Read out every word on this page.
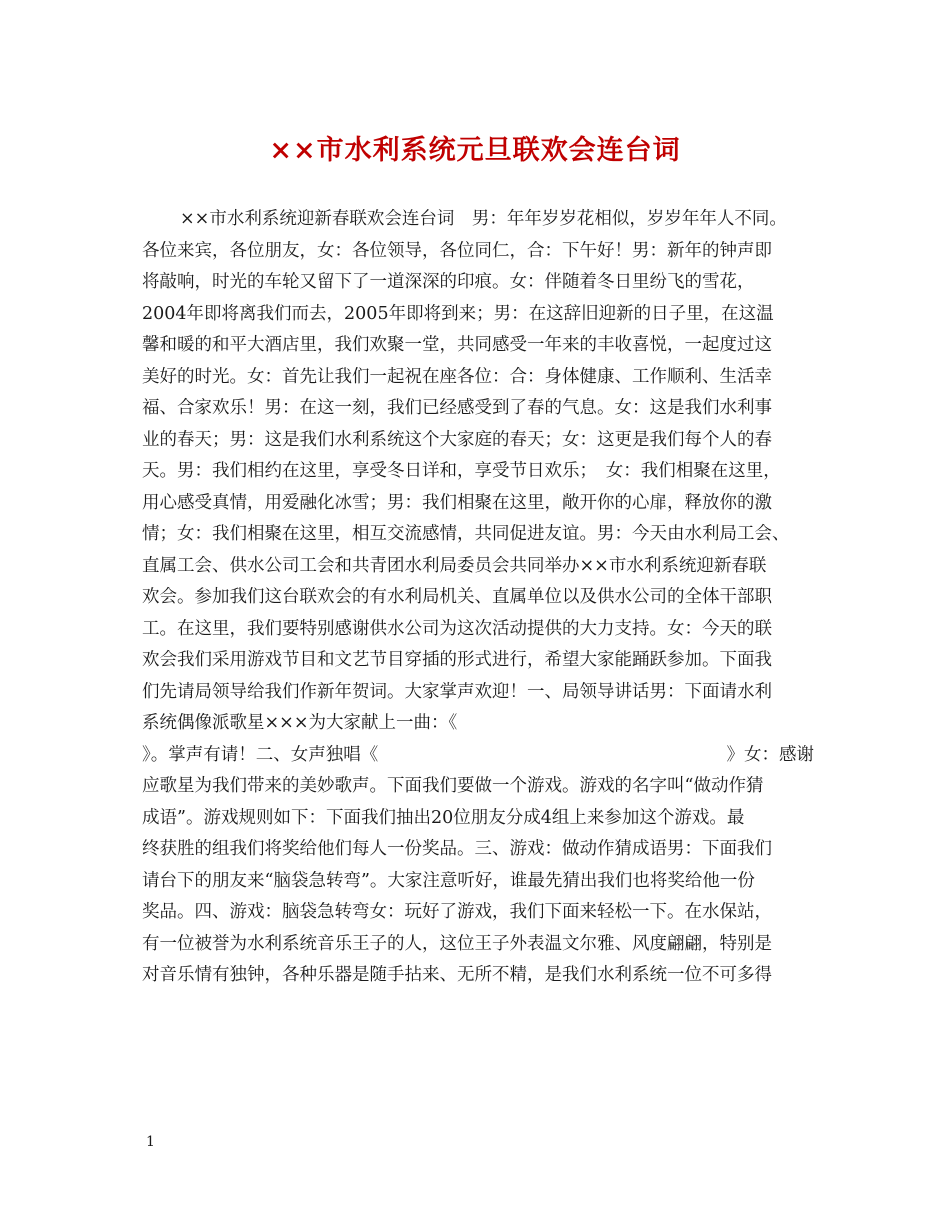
××市水利系统元旦联欢会连台词
××市水利系统迎新春联欢会连台词　男：年年岁岁花相似，岁岁年年人不同。
各位来宾，各位朋友，女：各位领导，各位同仁，合：下午好！男：新年的钟声即
将敲响，时光的车轮又留下了一道深深的印痕。女：伴随着冬日里纷飞的雪花，
2004年即将离我们而去，2005年即将到来；男：在这辞旧迎新的日子里，在这温
馨和暖的和平大酒店里，我们欢聚一堂，共同感受一年来的丰收喜悦，一起度过这
美好的时光。女：首先让我们一起祝在座各位：合：身体健康、工作顺利、生活幸
福、合家欢乐！男：在这一刻，我们已经感受到了春的气息。女：这是我们水利事
业的春天；男：这是我们水利系统这个大家庭的春天；女：这更是我们每个人的春
天。男：我们相约在这里，享受冬日详和，享受节日欢乐；　女：我们相聚在这里，
用心感受真情，用爱融化冰雪；男：我们相聚在这里，敞开你的心扉，释放你的激
情；女：我们相聚在这里，相互交流感情，共同促进友谊。男：今天由水利局工会、
直属工会、供水公司工会和共青团水利局委员会共同举办××市水利系统迎新春联
欢会。参加我们这台联欢会的有水利局机关、直属单位以及供水公司的全体干部职
工。在这里，我们要特别感谢供水公司为这次活动提供的大力支持。女：今天的联
欢会我们采用游戏节目和文艺节目穿插的形式进行，希望大家能踊跃参加。下面我
们先请局领导给我们作新年贺词。大家掌声欢迎！一、局领导讲话男：下面请水利
系统偶像派歌星×××为大家献上一曲：《
》。掌声有请！二、女声独唱《	》女：感谢
应歌星为我们带来的美妙歌声。下面我们要做一个游戏。游戏的名字叫“做动作猜
成语”。游戏规则如下：下面我们抽出20位朋友分成4组上来参加这个游戏。最
终获胜的组我们将奖给他们每人一份奖品。三、游戏：做动作猜成语男：下面我们
请台下的朋友来“脑袋急转弯”。大家注意听好，谁最先猜出我们也将奖给他一份
奖品。四、游戏：脑袋急转弯女：玩好了游戏，我们下面来轻松一下。在水保站，
有一位被誉为水利系统音乐王子的人，这位王子外表温文尔雅、风度翩翩，特别是
对音乐情有独钟，各种乐器是随手拈来、无所不精，是我们水利系统一位不可多得
1
